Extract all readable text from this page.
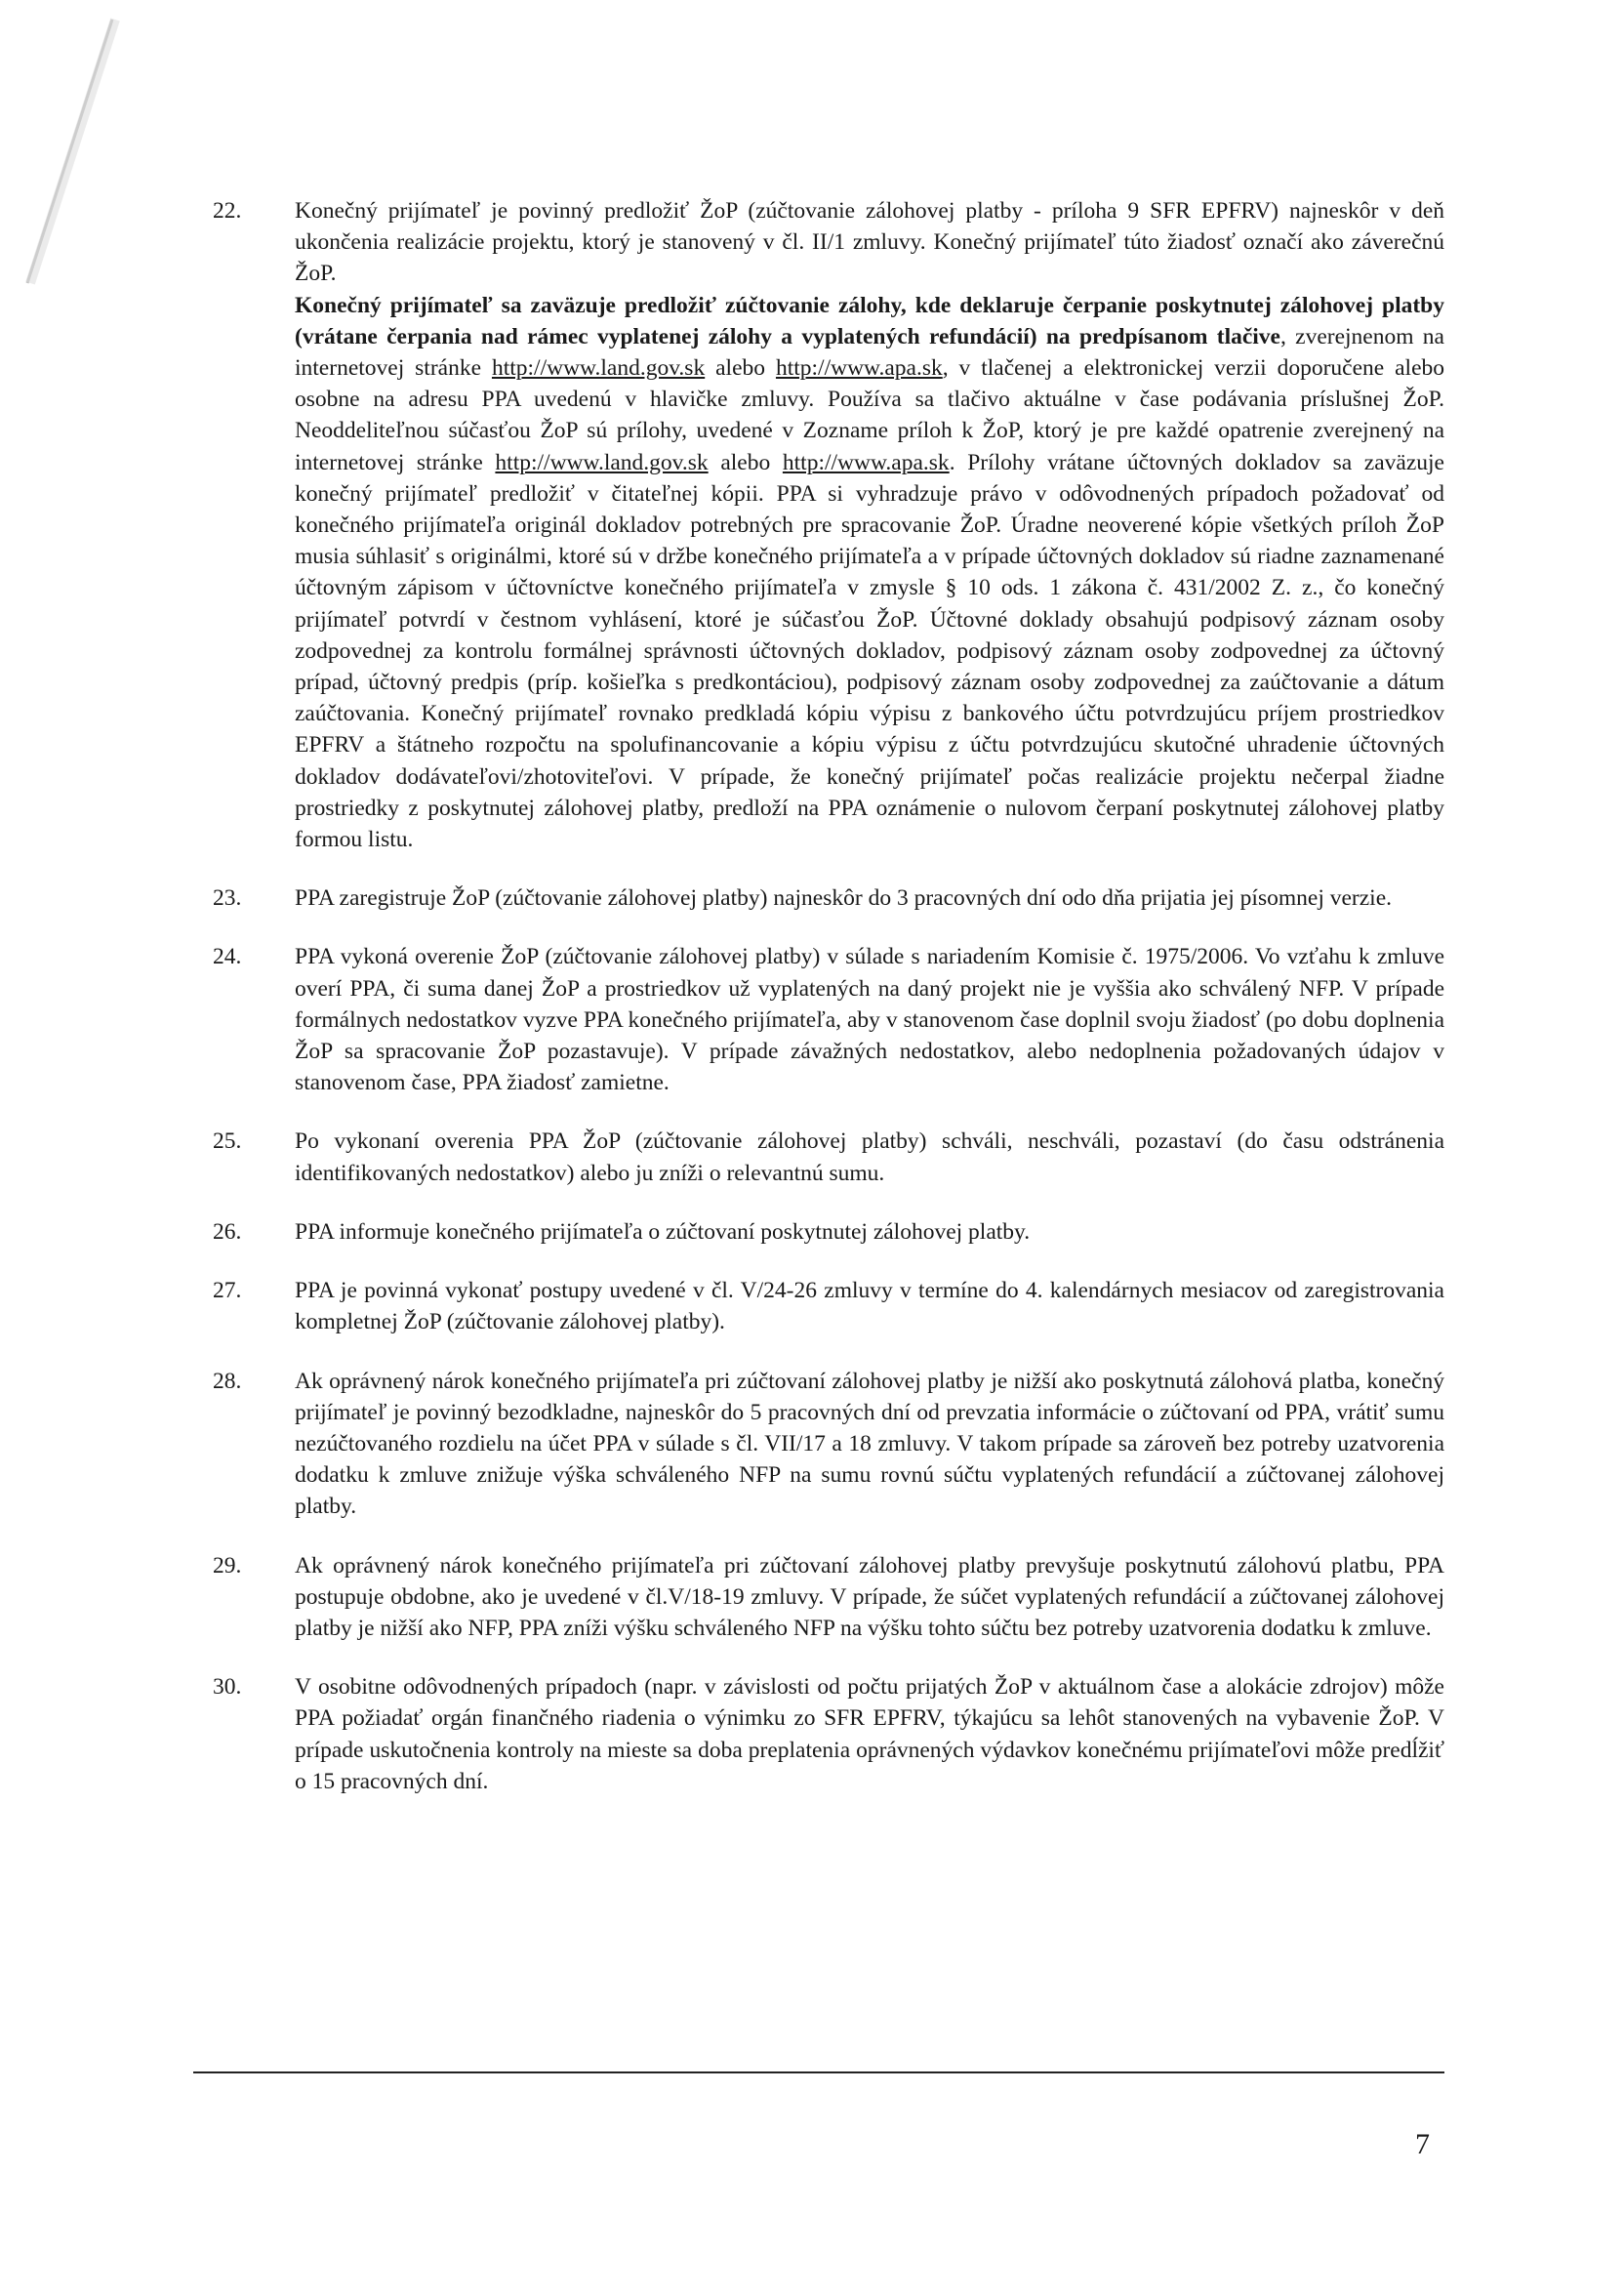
22. Konečný prijímateľ je povinný predložiť ŽoP (zúčtovanie zálohovej platby - príloha 9 SFR EPFRV) najneskôr v deň ukončenia realizácie projektu, ktorý je stanovený v čl. II/1 zmluvy. Konečný prijímateľ túto žiadosť označí ako záverečnú ŽoP.

Konečný prijímateľ sa zaväzuje predložiť zúčtovanie zálohy, kde deklaruje čerpanie poskytnutej zálohovej platby (vrátane čerpania nad rámec vyplatenej zálohy a vyplatených refundácií) na predpísanom tlačive, zverejnenom na internetovej stránke http://www.land.gov.sk alebo http://www.apa.sk, v tlačenej a elektronickej verzii doporučene alebo osobne na adresu PPA uvedenú v hlavičke zmluvy. Používa sa tlačivo aktuálne v čase podávania príslušnej ŽoP. Neoddeliteľnou súčasťou ŽoP sú prílohy, uvedené v Zozname príloh k ŽoP, ktorý je pre každé opatrenie zverejnený na internetovej stránke http://www.land.gov.sk alebo http://www.apa.sk. Prílohy vrátane účtovných dokladov sa zaväzuje konečný prijímateľ predložiť v čitateľnej kópii. PPA si vyhradzuje právo v odôvodnených prípadoch požadovať od konečného prijímateľa originál dokladov potrebných pre spracovanie ŽoP. Úradne neoverené kópie všetkých príloh ŽoP musia súhlasiť s originálmi, ktoré sú v držbe konečného prijímateľa a v prípade účtovných dokladov sú riadne zaznamenané účtovným zápisom v účtovníctve konečného prijímateľa v zmysle § 10 ods. 1 zákona č. 431/2002 Z. z., čo konečný prijímateľ potvrdí v čestnom vyhlásení, ktoré je súčasťou ŽoP. Účtovné doklady obsahujú podpisový záznam osoby zodpovednej za kontrolu formálnej správnosti účtovných dokladov, podpisový záznam osoby zodpovednej za účtovný prípad, účtovný predpis (príp. košieľka s predkontáciou), podpisový záznam osoby zodpovednej za zaúčtovanie a dátum zaúčtovania. Konečný prijímateľ rovnako predkladá kópiu výpisu z bankového účtu potvrdzujúcu príjem prostriedkov EPFRV a štátneho rozpočtu na spolufinancovanie a kópiu výpisu z účtu potvrdzujúcu skutočné uhradenie účtovných dokladov dodávateľovi/zhotoviteľovi. V prípade, že konečný prijímateľ počas realizácie projektu nečerpal žiadne prostriedky z poskytnutej zálohovej platby, predloží na PPA oznámenie o nulovom čerpaní poskytnutej zálohovej platby formou listu.

23. PPA zaregistruje ŽoP (zúčtovanie zálohovej platby) najneskôr do 3 pracovných dní odo dňa prijatia jej písomnej verzie.

24. PPA vykoná overenie ŽoP (zúčtovanie zálohovej platby) v súlade s nariadením Komisie č. 1975/2006. Vo vzťahu k zmluve overí PPA, či suma danej ŽoP a prostriedkov už vyplatených na daný projekt nie je vyššia ako schválený NFP. V prípade formálnych nedostatkov vyzve PPA konečného prijímateľa, aby v stanovenom čase doplnil svoju žiadosť (po dobu doplnenia ŽoP sa spracovanie ŽoP pozastavuje). V prípade závažných nedostatkov, alebo nedoplnenia požadovaných údajov v stanovenom čase, PPA žiadosť zamietne.

25. Po vykonaní overenia PPA ŽoP (zúčtovanie zálohovej platby) schváli, neschváli, pozastaví (do času odstránenia identifikovaných nedostatkov) alebo ju zníži o relevantnú sumu.

26. PPA informuje konečného prijímateľa o zúčtovaní poskytnutej zálohovej platby.

27. PPA je povinná vykonať postupy uvedené v čl. V/24-26 zmluvy v termíne do 4. kalendárnych mesiacov od zaregistrovania kompletnej ŽoP (zúčtovanie zálohovej platby).

28. Ak oprávnený nárok konečného prijímateľa pri zúčtovaní zálohovej platby je nižší ako poskytnutá zálohová platba, konečný prijímateľ je povinný bezodkladne, najneskôr do 5 pracovných dní od prevzatia informácie o zúčtovaní od PPA, vrátiť sumu nezúčtovaného rozdielu na účet PPA v súlade s čl. VII/17 a 18 zmluvy. V takom prípade sa zároveň bez potreby uzatvorenia dodatku k zmluve znižuje výška schváleného NFP na sumu rovnú súčtu vyplatených refundácií a zúčtovanej zálohovej platby.

29. Ak oprávnený nárok konečného prijímateľa pri zúčtovaní zálohovej platby prevyšuje poskytnutú zálohovú platbu, PPA postupuje obdobne, ako je uvedené v čl.V/18-19 zmluvy. V prípade, že súčet vyplatených refundácií a zúčtovanej zálohovej platby je nižší ako NFP, PPA zníži výšku schváleného NFP na výšku tohto súčtu bez potreby uzatvorenia dodatku k zmluve.

30. V osobitne odôvodnených prípadoch (napr. v závislosti od počtu prijatých ŽoP v aktuálnom čase a alokácie zdrojov) môže PPA požiadať orgán finančného riadenia o výnimku zo SFR EPFRV, týkajúcu sa lehôt stanovených na vybavenie ŽoP. V prípade uskutočnenia kontroly na mieste sa doba preplatenia oprávnených výdavkov konečnému prijímateľovi môže predĺžiť o 15 pracovných dní.

7
